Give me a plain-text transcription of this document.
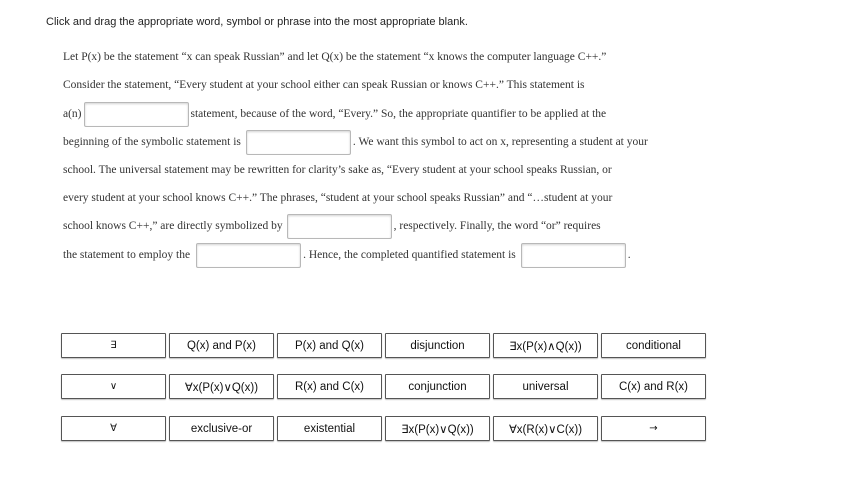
Click and drag the appropriate word, symbol or phrase into the most appropriate blank.
Let P(x) be the statement “x can speak Russian” and let Q(x) be the statement “x knows the computer language C++.”
Consider the statement, “Every student at your school either can speak Russian or knows C++.” This statement is
a(n)	statement, because of the word, “Every.” So, the appropriate quantifier to be applied at the
beginning of the symbolic statement is	. We want this symbol to act on x, representing a student at your
school. The universal statement may be rewritten for clarity’s sake as, “Every student at your school speaks Russian, or
every student at your school knows C++.” The phrases, “student at your school speaks Russian” and “…student at your
school knows C++,” are directly symbolized by	, respectively. Finally, the word “or” requires
the statement to employ the	. Hence, the completed quantified statement is	.
∃	Q(x) and P(x)	P(x) and Q(x)	disjunction	∃x(P(x)∧Q(x))	conditional
∨	∀x(P(x)∨Q(x))	R(x) and C(x)	conjunction	universal	C(x) and R(x)
∀	exclusive-or	existential	∃x(P(x)∨Q(x))	∀x(R(x)∨C(x))	→
